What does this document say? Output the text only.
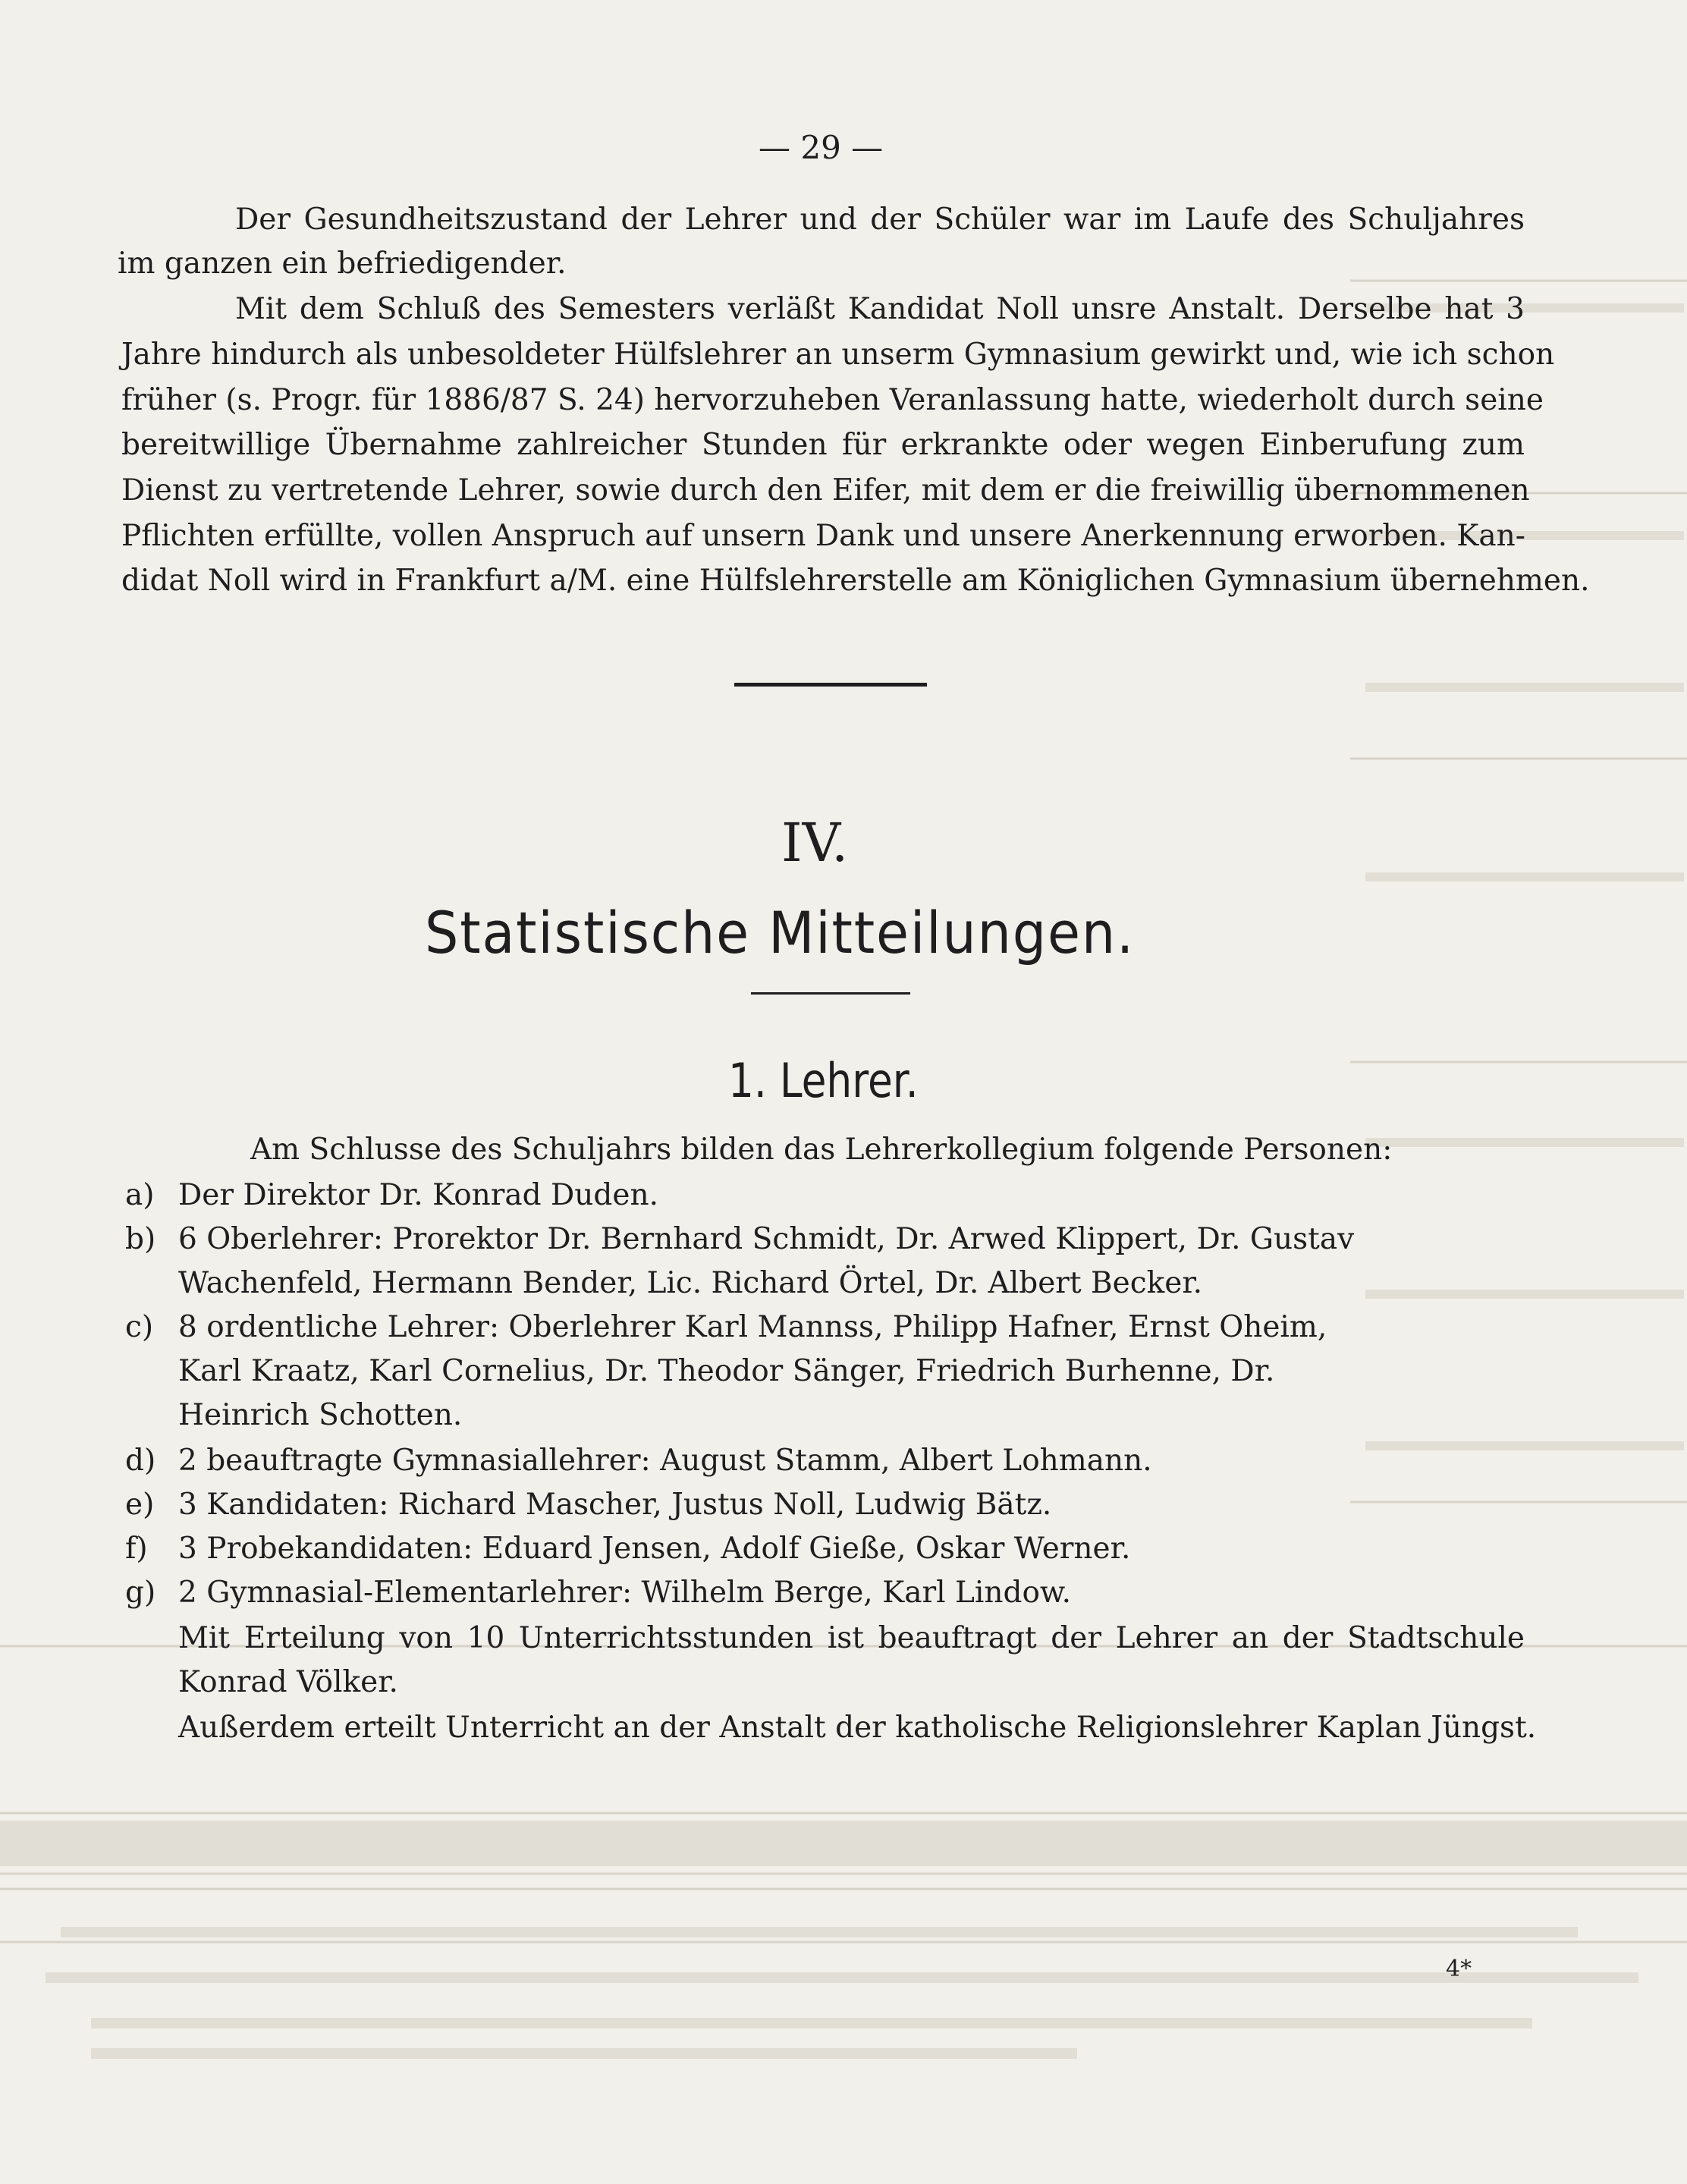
— 29 —
Der Gesundheitszustand der Lehrer und der Schüler war im Laufe des Schuljahres
im ganzen ein befriedigender.
Mit dem Schluß des Semesters verläßt Kandidat Noll unsre Anstalt. Derselbe hat 3
Jahre hindurch als unbesoldeter Hülfslehrer an unserm Gymnasium gewirkt und, wie ich schon
früher (s. Progr. für 1886/87 S. 24) hervorzuheben Veranlassung hatte, wiederholt durch seine
bereitwillige Übernahme zahlreicher Stunden für erkrankte oder wegen Einberufung zum
Dienst zu vertretende Lehrer, sowie durch den Eifer, mit dem er die freiwillig übernommenen
Pflichten erfüllte, vollen Anspruch auf unsern Dank und unsere Anerkennung erworben. Kan-
didat Noll wird in Frankfurt a/M. eine Hülfslehrerstelle am Königlichen Gymnasium übernehmen.
IV.
Statistische Mitteilungen.
1. Lehrer.
Am Schlusse des Schuljahrs bilden das Lehrerkollegium folgende Personen:
a) Der Direktor Dr. Konrad Duden.
b) 6 Oberlehrer: Prorektor Dr. Bernhard Schmidt, Dr. Arwed Klippert, Dr. Gustav
Wachenfeld, Hermann Bender, Lic. Richard Örtel, Dr. Albert Becker.
c) 8 ordentliche Lehrer: Oberlehrer Karl Mannss, Philipp Hafner, Ernst Oheim,
Karl Kraatz, Karl Cornelius, Dr. Theodor Sänger, Friedrich Burhenne, Dr.
Heinrich Schotten.
d) 2 beauftragte Gymnasiallehrer: August Stamm, Albert Lohmann.
e) 3 Kandidaten: Richard Mascher, Justus Noll, Ludwig Bätz.
f) 3 Probekandidaten: Eduard Jensen, Adolf Gieße, Oskar Werner.
g) 2 Gymnasial-Elementarlehrer: Wilhelm Berge, Karl Lindow.
Mit Erteilung von 10 Unterrichtsstunden ist beauftragt der Lehrer an der Stadtschule
Konrad Völker.
Außerdem erteilt Unterricht an der Anstalt der katholische Religionslehrer Kaplan Jüngst.
4*
